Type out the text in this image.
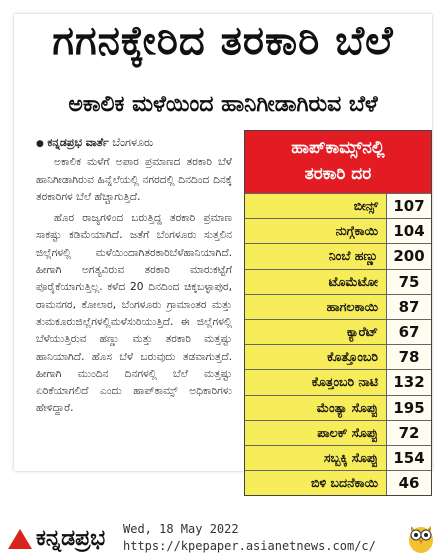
ಗಗನಕ್ಕೇರಿದ ತರಕಾರಿ ಬೆಲೆ
ಅಕಾಲಿಕ ಮಳೆಯಿಂದ ಹಾನಿಗೀಡಾಗಿರುವ ಬೆಳೆ
● ಕನ್ನಡಪ್ರಭ ವಾರ್ತೆ ಬೆಂಗಳೂರು

ಅಕಾಲಿಕ ಮಳೆಗೆ ಅಪಾರ ಪ್ರಮಾಣದ ತರಕಾರಿ ಬೆಳೆ ಹಾನಿಗೀಡಾಗಿರುವ ಹಿನ್ನೆಲೆಯಲ್ಲಿ ನಗರದಲ್ಲಿ ದಿನದಿಂದ ದಿನಕ್ಕೆ ತರಕಾರಿಗಳ ಬೆಲೆ ಹೆಚ್ಚಾಗುತ್ತಿದೆ.

ಹೊರ ರಾಜ್ಯಗಳಿಂದ ಬರುತ್ತಿದ್ದ ತರಕಾರಿ ಪ್ರಮಾಣ ಸಾಕಷ್ಟು ಕಡಿಮೆಯಾಗಿದೆ. ಜತೆಗೆ ಬೆಂಗಳೂರು ಸುತ್ತಲಿನ ಜಿಲ್ಲೆಗಳಲ್ಲಿ ಮಳೆಯಿಂದಾಗಿತರಕಾರಿಬೆಳೆಹಾನಿಯಾಗಿದೆ. ಹೀಗಾಗಿ ಅಗತ್ಯವಿರುವ ತರಕಾರಿ ಮಾರುಕಟ್ಟೆಗೆ ಪೂರೈಕೆಯಾಗುತ್ತಿಲ್ಲ. ಕಳೆದ 20 ದಿನದಿಂದ ಚಿಕ್ಕಬಳ್ಳಾಪುರ, ರಾಮನಗರ, ಕೋಲಾರ, ಬೆಂಗಳೂರು ಗ್ರಾಮಾಂತರ ಮತ್ತು ತುಮಕೂರುಜಿಲ್ಲೆಗಳಲ್ಲಿಮಳೆಸುರಿಯುತ್ತಿದೆ. ಈ ಜಿಲ್ಲೆಗಳಲ್ಲಿ ಬೆಳೆಯುತ್ತಿರುವ ಹಣ್ಣು ಮತ್ತು ತರಕಾರಿ ಮತ್ತಷ್ಟು ಹಾನಿಯಾಗಿದೆ. ಹೊಸ ಬೆಳೆ ಬರುವುದು ತಡವಾಗುತ್ತದೆ. ಹೀಗಾಗಿ ಮುಂದಿನ ದಿನಗಳಲ್ಲಿ ಬೆಲೆ ಮತ್ತಷ್ಟು ಏರಿಕೆಯಾಗಲಿದೆ ಎಂದು ಹಾಪ್‌ಕಾಮ್ಸ್ ಅಧಿಕಾರಿಗಳು ಹೇಳಿದ್ದಾರೆ.

ಹಾಪ್‌ಕಾಮ್ಸ್‌ನಲ್ಲಿ
ತರಕಾರಿ ದರ
ಬೀನ್ಸ್	107
ನುಗ್ಗೆಕಾಯಿ	104
ನಿಂಬೆ ಹಣ್ಣು	200
ಟೊಮೆಟೋ	75
ಹಾಗಲಕಾಯಿ	87
ಕ್ಯಾರೆಟ್	67
ಕೊತ್ತೊಂಬರಿ	78
ಕೊತ್ತಂಬರಿ ನಾಟಿ	132
ಮೆಂತ್ಯಾ ಸೊಪ್ಪು	195
ಪಾಲಕ್ ಸೊಪ್ಪು	72
ಸಬ್ಬಕ್ಕಿ ಸೊಪ್ಪು	154
ಬಿಳಿ ಬದನೆಕಾಯಿ	46
ಕನ್ನಡಪ್ರಭ Wed, 18 May 2022
https://kpepaper.asianetnews.com/c/
